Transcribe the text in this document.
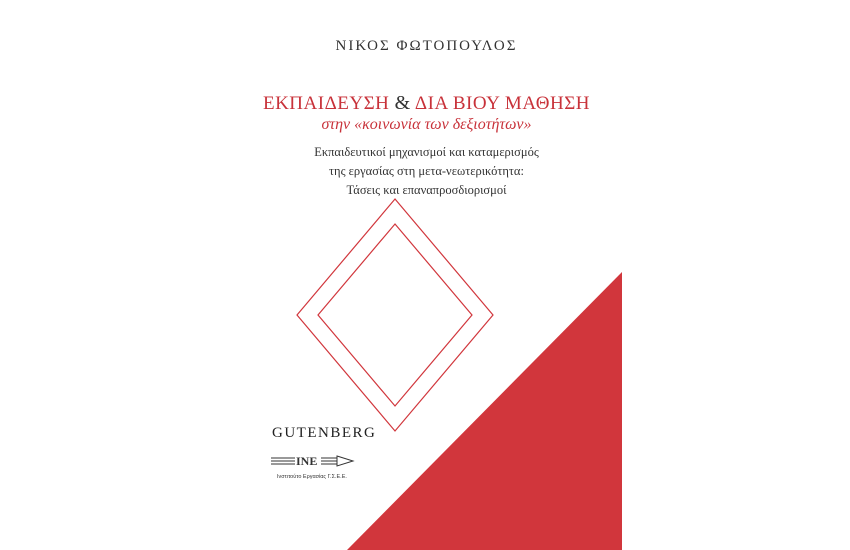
ΝΙΚΟΣ ΦΩΤΟΠΟΥΛΟΣ
ΕΚΠΑΙΔΕΥΣΗ & ΔΙΑ ΒΙΟΥ ΜΑΘΗΣΗ
στην «κοινωνία των δεξιοτήτων»
Εκπαιδευτικοί μηχανισμοί και καταμερισμός
της εργασίας στη μετα-νεωτερικότητα:
Τάσεις και επαναπροσδιορισμοί
GUTENBERG
INE
Ινστιτούτο Εργασίας Γ.Σ.Ε.Ε.
